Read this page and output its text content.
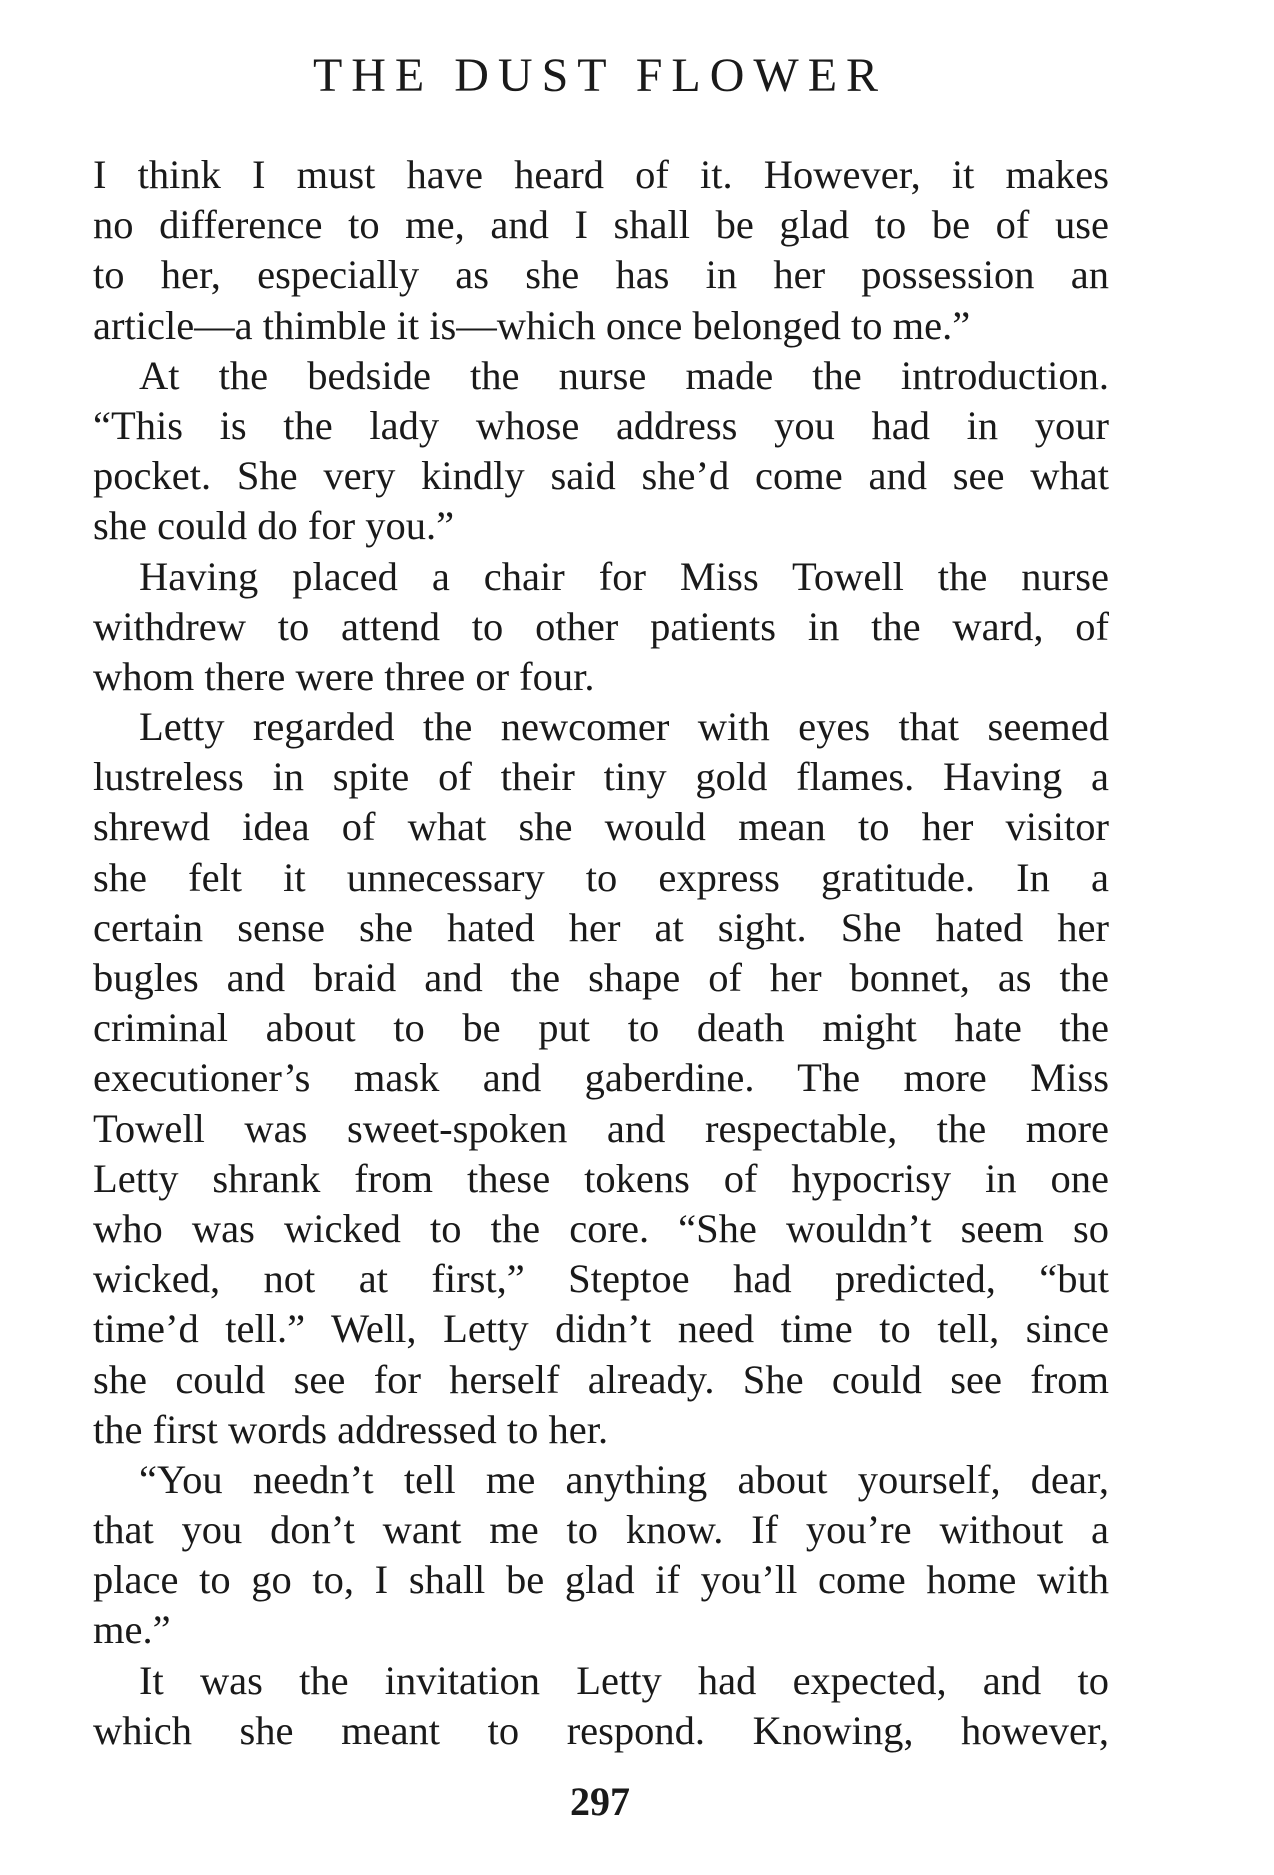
THE DUST FLOWER
I think I must have heard of it. However, it makes
no difference to me, and I shall be glad to be of use
to her, especially as she has in her possession an
article—a thimble it is—which once belonged to me.”
At the bedside the nurse made the introduction.
“This is the lady whose address you had in your
pocket. She very kindly said she’d come and see what
she could do for you.”
Having placed a chair for Miss Towell the nurse
withdrew to attend to other patients in the ward, of
whom there were three or four.
Letty regarded the newcomer with eyes that seemed
lustreless in spite of their tiny gold flames. Having a
shrewd idea of what she would mean to her visitor
she felt it unnecessary to express gratitude. In a
certain sense she hated her at sight. She hated her
bugles and braid and the shape of her bonnet, as the
criminal about to be put to death might hate the
executioner’s mask and gaberdine. The more Miss
Towell was sweet-spoken and respectable, the more
Letty shrank from these tokens of hypocrisy in one
who was wicked to the core. “She wouldn’t seem so
wicked, not at first,” Steptoe had predicted, “but
time’d tell.” Well, Letty didn’t need time to tell, since
she could see for herself already. She could see from
the first words addressed to her.
“You needn’t tell me anything about yourself, dear,
that you don’t want me to know. If you’re without a
place to go to, I shall be glad if you’ll come home with
me.”
It was the invitation Letty had expected, and to
which she meant to respond. Knowing, however,
297
